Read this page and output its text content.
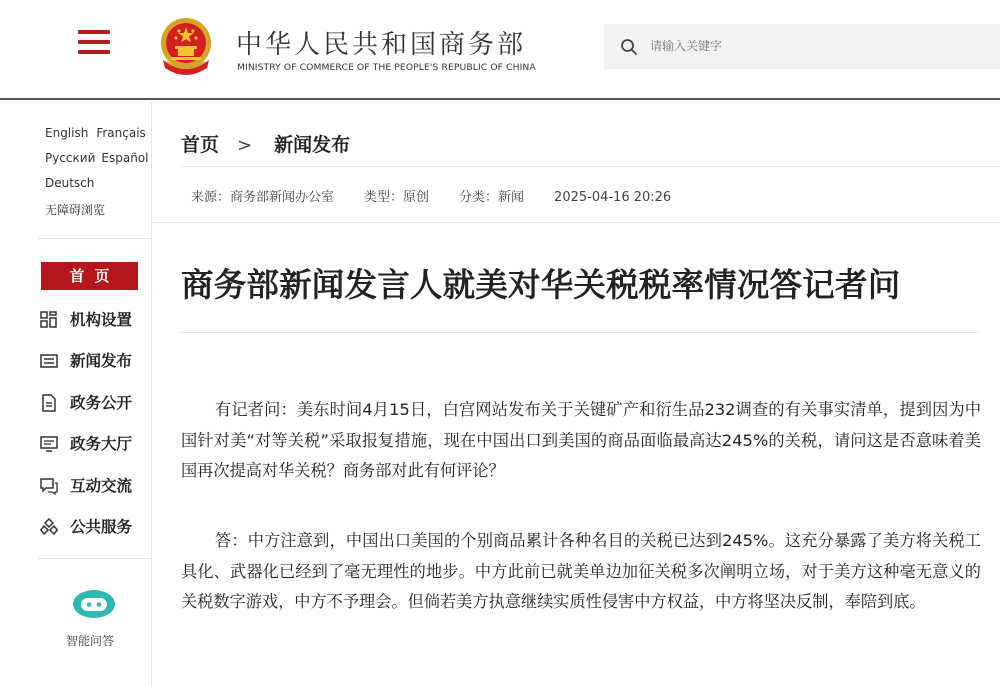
中华人民共和国商务部
MINISTRY OF COMMERCE OF THE PEOPLE'S REPUBLIC OF CHINA
请输入关键字
English Français
Русский Español
Deutsch
无障碍浏览
首页
机构设置
新闻发布
政务公开
政务大厅
互动交流
公共服务
智能问答
首页 > 新闻发布
来源：商务部新闻办公室 类型：原创 分类：新闻 2025-04-16 20:26
商务部新闻发言人就美对华关税税率情况答记者问

有记者问：美东时间4月15日，白宫网站发布关于关键矿产和衍生品232调查的有关事实清单，提到因为中国针对美“对等关税”采取报复措施，现在中国出口到美国的商品面临最高达245%的关税，请问这是否意味着美国再次提高对华关税？商务部对此有何评论？

答：中方注意到，中国出口美国的个别商品累计各种名目的关税已达到245%。这充分暴露了美方将关税工具化、武器化已经到了毫无理性的地步。中方此前已就美单边加征关税多次阐明立场，对于美方这种毫无意义的关税数字游戏，中方不予理会。但倘若美方执意继续实质性侵害中方权益，中方将坚决反制，奉陪到底。
